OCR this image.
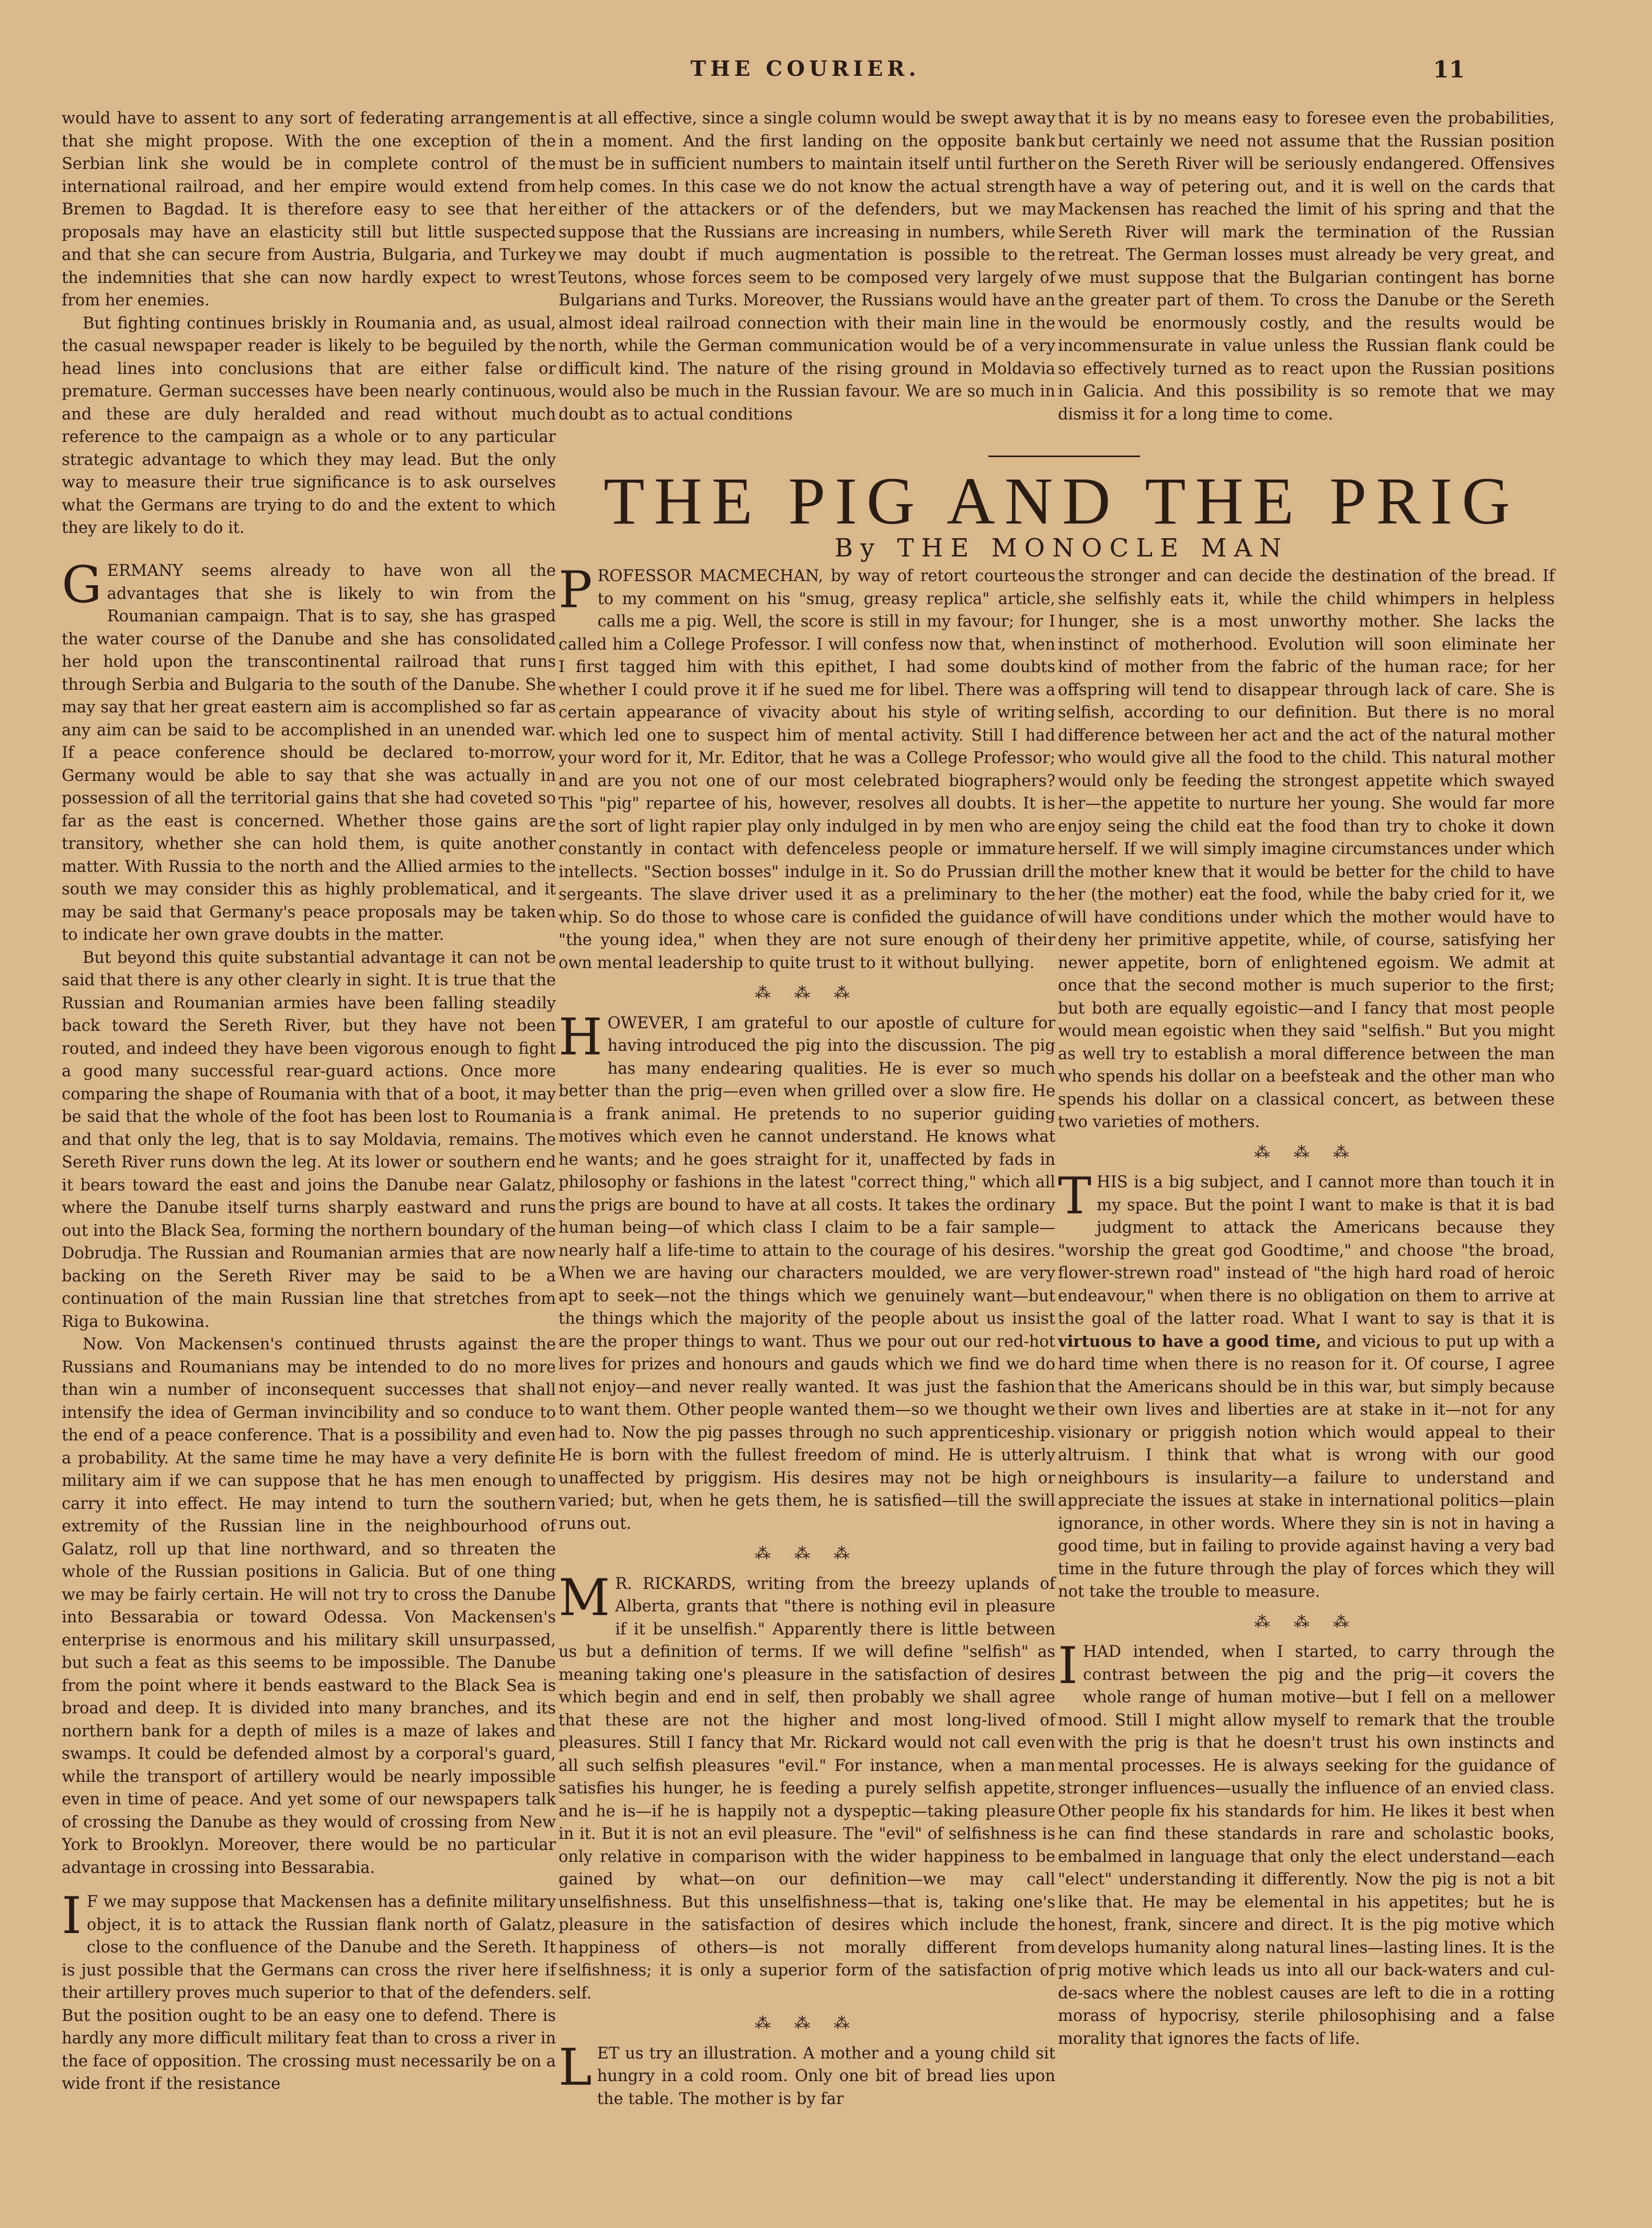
THE COURIER.	11

would have to assent to any sort of federating arrangement that she might propose. With the one exception of the Serbian link she would be in complete control of the international railroad, and her empire would extend from Bremen to Bagdad. It is therefore easy to see that her proposals may have an elasticity still but little suspected and that she can secure from Austria, Bulgaria, and Turkey the indemnities that she can now hardly expect to wrest from her enemies.

But fighting continues briskly in Roumania and, as usual, the casual newspaper reader is likely to be beguiled by the head lines into conclusions that are either false or premature. German successes have been nearly continuous, and these are duly heralded and read without much reference to the campaign as a whole or to any particular strategic advantage to which they may lead. But the only way to measure their true significance is to ask ourselves what the Germans are trying to do and the extent to which they are likely to do it.

GERMANY seems already to have won all the advantages that she is likely to win from the Roumanian campaign. That is to say, she has grasped the water course of the Danube and she has consolidated her hold upon the transcontinental railroad that runs through Serbia and Bulgaria to the south of the Danube. She may say that her great eastern aim is accomplished so far as any aim can be said to be accomplished in an unended war. If a peace conference should be declared to-morrow, Germany would be able to say that she was actually in possession of all the territorial gains that she had coveted so far as the east is concerned. Whether those gains are transitory, whether she can hold them, is quite another matter. With Russia to the north and the Allied armies to the south we may consider this as highly problematical, and it may be said that Germany's peace proposals may be taken to indicate her own grave doubts in the matter.

But beyond this quite substantial advantage it can not be said that there is any other clearly in sight. It is true that the Russian and Roumanian armies have been falling steadily back toward the Sereth River, but they have not been routed, and indeed they have been vigorous enough to fight a good many successful rear-guard actions. Once more comparing the shape of Roumania with that of a boot, it may be said that the whole of the foot has been lost to Roumania and that only the leg, that is to say Moldavia, remains. The Sereth River runs down the leg. At its lower or southern end it bears toward the east and joins the Danube near Galatz, where the Danube itself turns sharply eastward and runs out into the Black Sea, forming the northern boundary of the Dobrudja. The Russian and Roumanian armies that are now backing on the Sereth River may be said to be a continuation of the main Russian line that stretches from Riga to Bukowina.

Now. Von Mackensen's continued thrusts against the Russians and Roumanians may be intended to do no more than win a number of inconsequent successes that shall intensify the idea of German invincibility and so conduce to the end of a peace conference. That is a possibility and even a probability. At the same time he may have a very definite military aim if we can suppose that he has men enough to carry it into effect. He may intend to turn the southern extremity of the Russian line in the neighbourhood of Galatz, roll up that line northward, and so threaten the whole of the Russian positions in Galicia. But of one thing we may be fairly certain. He will not try to cross the Danube into Bessarabia or toward Odessa. Von Mackensen's enterprise is enormous and his military skill unsurpassed, but such a feat as this seems to be impossible. The Danube from the point where it bends eastward to the Black Sea is broad and deep. It is divided into many branches, and its northern bank for a depth of miles is a maze of lakes and swamps. It could be defended almost by a corporal's guard, while the transport of artillery would be nearly impossible even in time of peace. And yet some of our newspapers talk of crossing the Danube as they would of crossing from New York to Brooklyn. Moreover, there would be no particular advantage in crossing into Bessarabia.

IF we may suppose that Mackensen has a definite military object, it is to attack the Russian flank north of Galatz, close to the confluence of the Danube and the Sereth. It is just possible that the Germans can cross the river here if their artillery proves much superior to that of the defenders. But the position ought to be an easy one to defend. There is hardly any more difficult military feat than to cross a river in the face of opposition. The crossing must necessarily be on a wide front if the resistance

is at all effective, since a single column would be swept away in a moment. And the first landing on the opposite bank must be in sufficient numbers to maintain itself until further help comes. In this case we do not know the actual strength either of the attackers or of the defenders, but we may suppose that the Russians are increasing in numbers, while we may doubt if much augmentation is possible to the Teutons, whose forces seem to be composed very largely of Bulgarians and Turks. Moreover, the Russians would have an almost ideal railroad connection with their main line in the north, while the German communication would be of a very difficult kind. The nature of the rising ground in Moldavia would also be much in the Russian favour. We are so much in doubt as to actual conditions

that it is by no means easy to foresee even the probabilities, but certainly we need not assume that the Russian position on the Sereth River will be seriously endangered. Offensives have a way of petering out, and it is well on the cards that Mackensen has reached the limit of his spring and that the Sereth River will mark the termination of the Russian retreat. The German losses must already be very great, and we must suppose that the Bulgarian contingent has borne the greater part of them. To cross the Danube or the Sereth would be enormously costly, and the results would be incommensurate in value unless the Russian flank could be so effectively turned as to react upon the Russian positions in Galicia. And this possibility is so remote that we may dismiss it for a long time to come.

THE PIG AND THE PRIG
By THE MONOCLE MAN

PROFESSOR MACMECHAN, by way of retort courteous to my comment on his "smug, greasy replica" article, calls me a pig. Well, the score is still in my favour; for I called him a College Professor. I will confess now that, when I first tagged him with this epithet, I had some doubts whether I could prove it if he sued me for libel. There was a certain appearance of vivacity about his style of writing which led one to suspect him of mental activity. Still I had your word for it, Mr. Editor, that he was a College Professor; and are you not one of our most celebrated biographers? This "pig" repartee of his, however, resolves all doubts. It is the sort of light rapier play only indulged in by men who are constantly in contact with defenceless people or immature intellects. "Section bosses" indulge in it. So do Prussian drill sergeants. The slave driver used it as a preliminary to the whip. So do those to whose care is confided the guidance of "the young idea," when they are not sure enough of their own mental leadership to quite trust to it without bullying.

⁂ ⁂ ⁂

HOWEVER, I am grateful to our apostle of culture for having introduced the pig into the discussion. The pig has many endearing qualities. He is ever so much better than the prig—even when grilled over a slow fire. He is a frank animal. He pretends to no superior guiding motives which even he cannot understand. He knows what he wants; and he goes straight for it, unaffected by fads in philosophy or fashions in the latest "correct thing," which all the prigs are bound to have at all costs. It takes the ordinary human being—of which class I claim to be a fair sample—nearly half a life-time to attain to the courage of his desires. When we are having our characters moulded, we are very apt to seek—not the things which we genuinely want—but the things which the majority of the people about us insist are the proper things to want. Thus we pour out our red-hot lives for prizes and honours and gauds which we find we do not enjoy—and never really wanted. It was just the fashion to want them. Other people wanted them—so we thought we had to. Now the pig passes through no such apprenticeship. He is born with the fullest freedom of mind. He is utterly unaffected by priggism. His desires may not be high or varied; but, when he gets them, he is satisfied—till the swill runs out.

⁂ ⁂ ⁂

MR. RICKARDS, writing from the breezy uplands of Alberta, grants that "there is nothing evil in pleasure if it be unselfish." Apparently there is little between us but a definition of terms. If we will define "selfish" as meaning taking one's pleasure in the satisfaction of desires which begin and end in self, then probably we shall agree that these are not the higher and most long-lived of pleasures. Still I fancy that Mr. Rickard would not call even all such selfish pleasures "evil." For instance, when a man satisfies his hunger, he is feeding a purely selfish appetite, and he is—if he is happily not a dyspeptic—taking pleasure in it. But it is not an evil pleasure. The "evil" of selfishness is only relative in comparison with the wider happiness to be gained by what—on our definition—we may call unselfishness. But this unselfishness—that is, taking one's pleasure in the satisfaction of desires which include the happiness of others—is not morally different from selfishness; it is only a superior form of the satisfaction of self.

⁂ ⁂ ⁂

LET us try an illustration. A mother and a young child sit hungry in a cold room. Only one bit of bread lies upon the table. The mother is by far

the stronger and can decide the destination of the bread. If she selfishly eats it, while the child whimpers in helpless hunger, she is a most unworthy mother. She lacks the instinct of motherhood. Evolution will soon eliminate her kind of mother from the fabric of the human race; for her offspring will tend to disappear through lack of care. She is selfish, according to our definition. But there is no moral difference between her act and the act of the natural mother who would give all the food to the child. This natural mother would only be feeding the strongest appetite which swayed her—the appetite to nurture her young. She would far more enjoy seing the child eat the food than try to choke it down herself. If we will simply imagine circumstances under which the mother knew that it would be better for the child to have her (the mother) eat the food, while the baby cried for it, we will have conditions under which the mother would have to deny her primitive appetite, while, of course, satisfying her newer appetite, born of enlightened egoism. We admit at once that the second mother is much superior to the first; but both are equally egoistic—and I fancy that most people would mean egoistic when they said "selfish." But you might as well try to establish a moral difference between the man who spends his dollar on a beefsteak and the other man who spends his dollar on a classical concert, as between these two varieties of mothers.

⁂ ⁂ ⁂

THIS is a big subject, and I cannot more than touch it in my space. But the point I want to make is that it is bad judgment to attack the Americans because they "worship the great god Goodtime," and choose "the broad, flower-strewn road" instead of "the high hard road of heroic endeavour," when there is no obligation on them to arrive at the goal of the latter road. What I want to say is that it is virtuous to have a good time, and vicious to put up with a hard time when there is no reason for it. Of course, I agree that the Americans should be in this war, but simply because their own lives and liberties are at stake in it—not for any visionary or priggish notion which would appeal to their altruism. I think that what is wrong with our good neighbours is insularity—a failure to understand and appreciate the issues at stake in international politics—plain ignorance, in other words. Where they sin is not in having a good time, but in failing to provide against having a very bad time in the future through the play of forces which they will not take the trouble to measure.

⁂ ⁂ ⁂

IHAD intended, when I started, to carry through the contrast between the pig and the prig—it covers the whole range of human motive—but I fell on a mellower mood. Still I might allow myself to remark that the trouble with the prig is that he doesn't trust his own instincts and mental processes. He is always seeking for the guidance of stronger influences—usually the influence of an envied class. Other people fix his standards for him. He likes it best when he can find these standards in rare and scholastic books, embalmed in language that only the elect understand—each "elect" understanding it differently. Now the pig is not a bit like that. He may be elemental in his appetites; but he is honest, frank, sincere and direct. It is the pig motive which develops humanity along natural lines—lasting lines. It is the prig motive which leads us into all our back-waters and cul-de-sacs where the noblest causes are left to die in a rotting morass of hypocrisy, sterile philosophising and a false morality that ignores the facts of life.
